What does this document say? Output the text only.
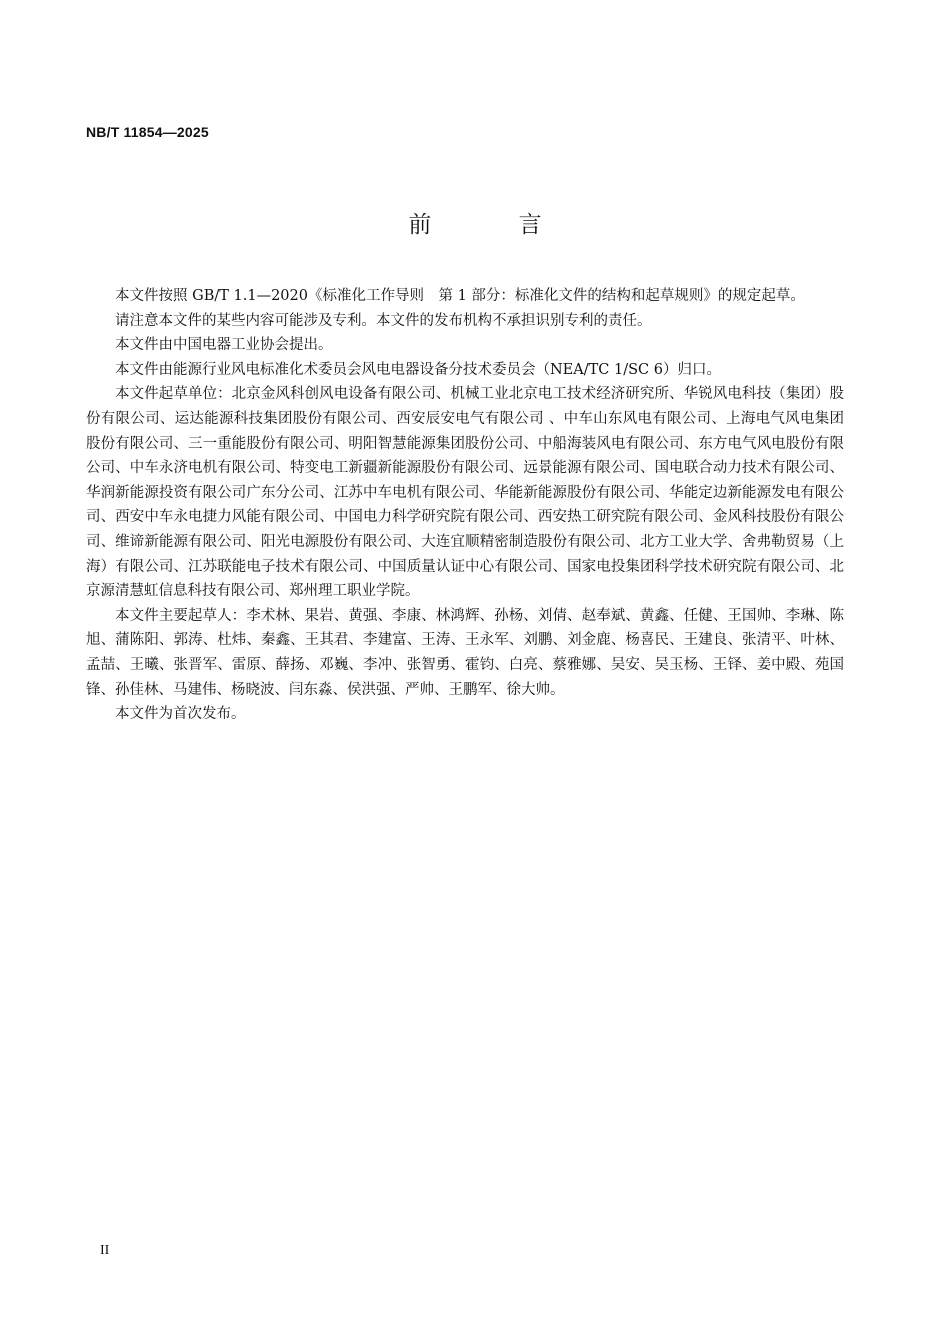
NB/T 11854—2025
前 言

本文件按照 GB/T 1.1—2020《标准化工作导则　第 1 部分：标准化文件的结构和起草规则》的规定起草。

请注意本文件的某些内容可能涉及专利。本文件的发布机构不承担识别专利的责任。

本文件由中国电器工业协会提出。

本文件由能源行业风电标准化术委员会风电电器设备分技术委员会（NEA/TC 1/SC 6）归口。

本文件起草单位：北京金风科创风电设备有限公司、机械工业北京电工技术经济研究所、华锐风电科技（集团）股份有限公司、运达能源科技集团股份有限公司、西安辰安电气有限公司 、中车山东风电有限公司、上海电气风电集团股份有限公司、三一重能股份有限公司、明阳智慧能源集团股份公司、中船海装风电有限公司、东方电气风电股份有限公司、中车永济电机有限公司、特变电工新疆新能源股份有限公司、远景能源有限公司、国电联合动力技术有限公司、华润新能源投资有限公司广东分公司、江苏中车电机有限公司、华能新能源股份有限公司、华能定边新能源发电有限公司、西安中车永电捷力风能有限公司、中国电力科学研究院有限公司、西安热工研究院有限公司、金风科技股份有限公司、维谛新能源有限公司、阳光电源股份有限公司、大连宜顺精密制造股份有限公司、北方工业大学、舍弗勒贸易（上海）有限公司、江苏联能电子技术有限公司、中国质量认证中心有限公司、国家电投集团科学技术研究院有限公司、北京源清慧虹信息科技有限公司、郑州理工职业学院。

本文件主要起草人：李术林、果岩、黄强、李康、林鸿辉、孙杨、刘倩、赵奉斌、黄鑫、任健、王国帅、李琳、陈旭、蒲陈阳、郭涛、杜炜、秦鑫、王其君、李建富、王涛、王永军、刘鹏、刘金鹿、杨喜民、王建良、张清平、叶林、孟喆、王曦、张晋军、雷原、薛扬、邓巍、李冲、张智勇、霍钧、白亮、蔡雅娜、吴安、吴玉杨、王铎、姜中殿、苑国锋、孙佳林、马建伟、杨晓波、闫东淼、侯洪强、严帅、王鹏军、徐大帅。

本文件为首次发布。

II
